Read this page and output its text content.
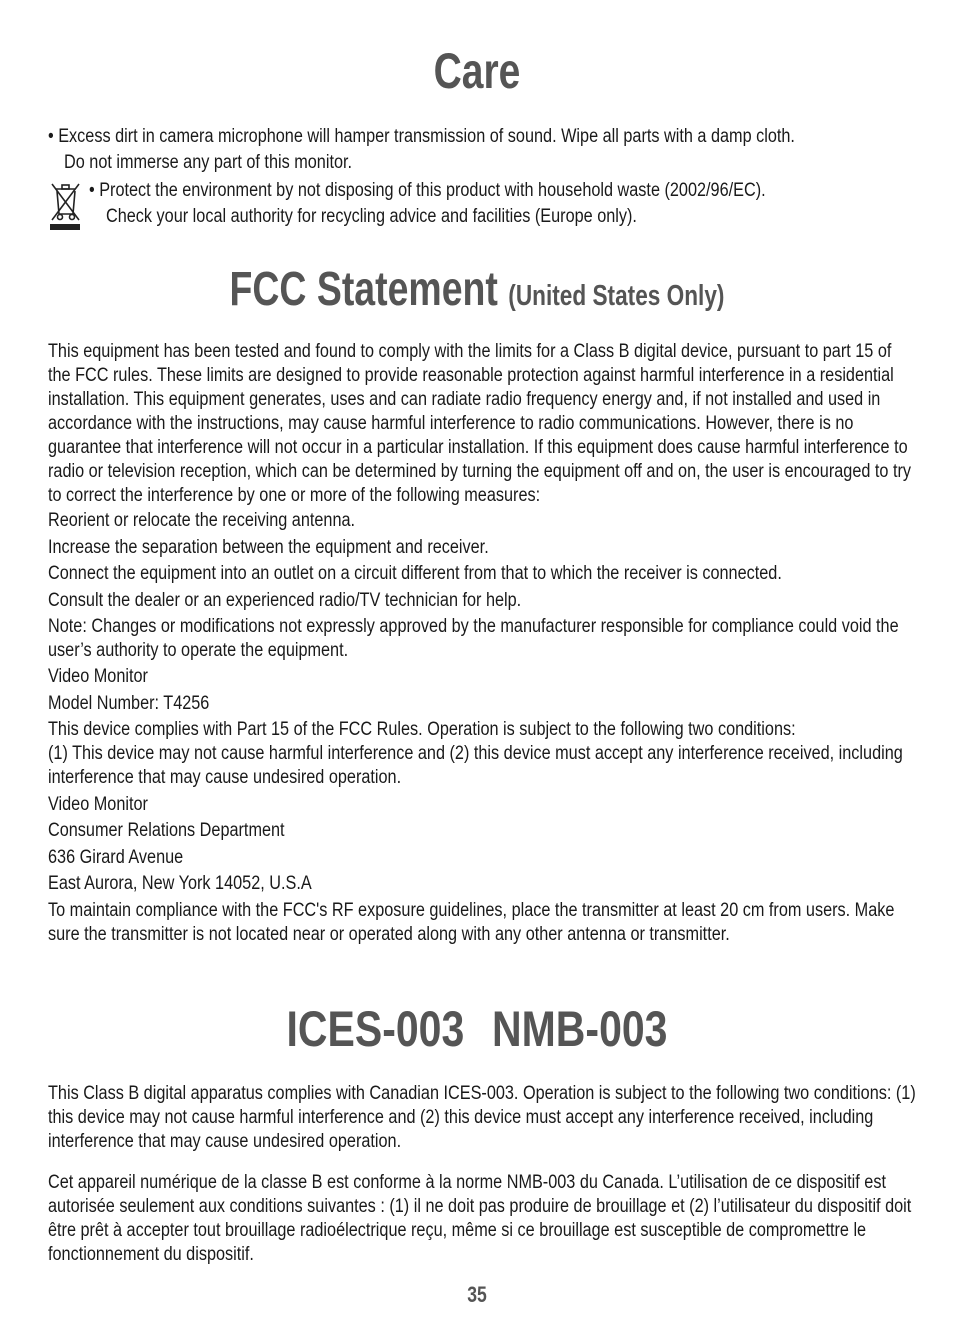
Care
• Excess dirt in camera microphone will hamper transmission of sound. Wipe all parts with a damp cloth.
Do not immerse any part of this monitor.
• Protect the environment by not disposing of this product with household waste (2002/96/EC).
Check your local authority for recycling advice and facilities (Europe only).
FCC Statement (United States Only)
This equipment has been tested and found to comply with the limits for a Class B digital device, pursuant to part 15 of the FCC rules. These limits are designed to provide reasonable protection against harmful interference in a residential installation. This equipment generates, uses and can radiate radio frequency energy and, if not installed and used in accordance with the instructions, may cause harmful interference to radio communications. However, there is no guarantee that interference will not occur in a particular installation. If this equipment does cause harmful interference to radio or television reception, which can be determined by turning the equipment off and on, the user is encouraged to try to correct the interference by one or more of the following measures:
Reorient or relocate the receiving antenna.
Increase the separation between the equipment and receiver.
Connect the equipment into an outlet on a circuit different from that to which the receiver is connected.
Consult the dealer or an experienced radio/TV technician for help.
Note: Changes or modifications not expressly approved by the manufacturer responsible for compliance could void the user’s authority to operate the equipment.
Video Monitor
Model Number: T4256
This device complies with Part 15 of the FCC Rules. Operation is subject to the following two conditions:
(1) This device may not cause harmful interference and (2) this device must accept any interference received, including interference that may cause undesired operation.
Video Monitor
Consumer Relations Department
636 Girard Avenue
East Aurora, New York 14052, U.S.A
To maintain compliance with the FCC's RF exposure guidelines, place the transmitter at least 20 cm from users. Make sure the transmitter is not located near or operated along with any other antenna or transmitter.
ICES-003 NMB-003
This Class B digital apparatus complies with Canadian ICES-003. Operation is subject to the following two conditions: (1) this device may not cause harmful interference and (2) this device must accept any interference received, including interference that may cause undesired operation.
Cet appareil numérique de la classe B est conforme à la norme NMB-003 du Canada. L’utilisation de ce dispositif est autorisée seulement aux conditions suivantes : (1) il ne doit pas produire de brouillage et (2) l’utilisateur du dispositif doit être prêt à accepter tout brouillage radioélectrique reçu, même si ce brouillage est susceptible de compromettre le fonctionnement du dispositif.
35
